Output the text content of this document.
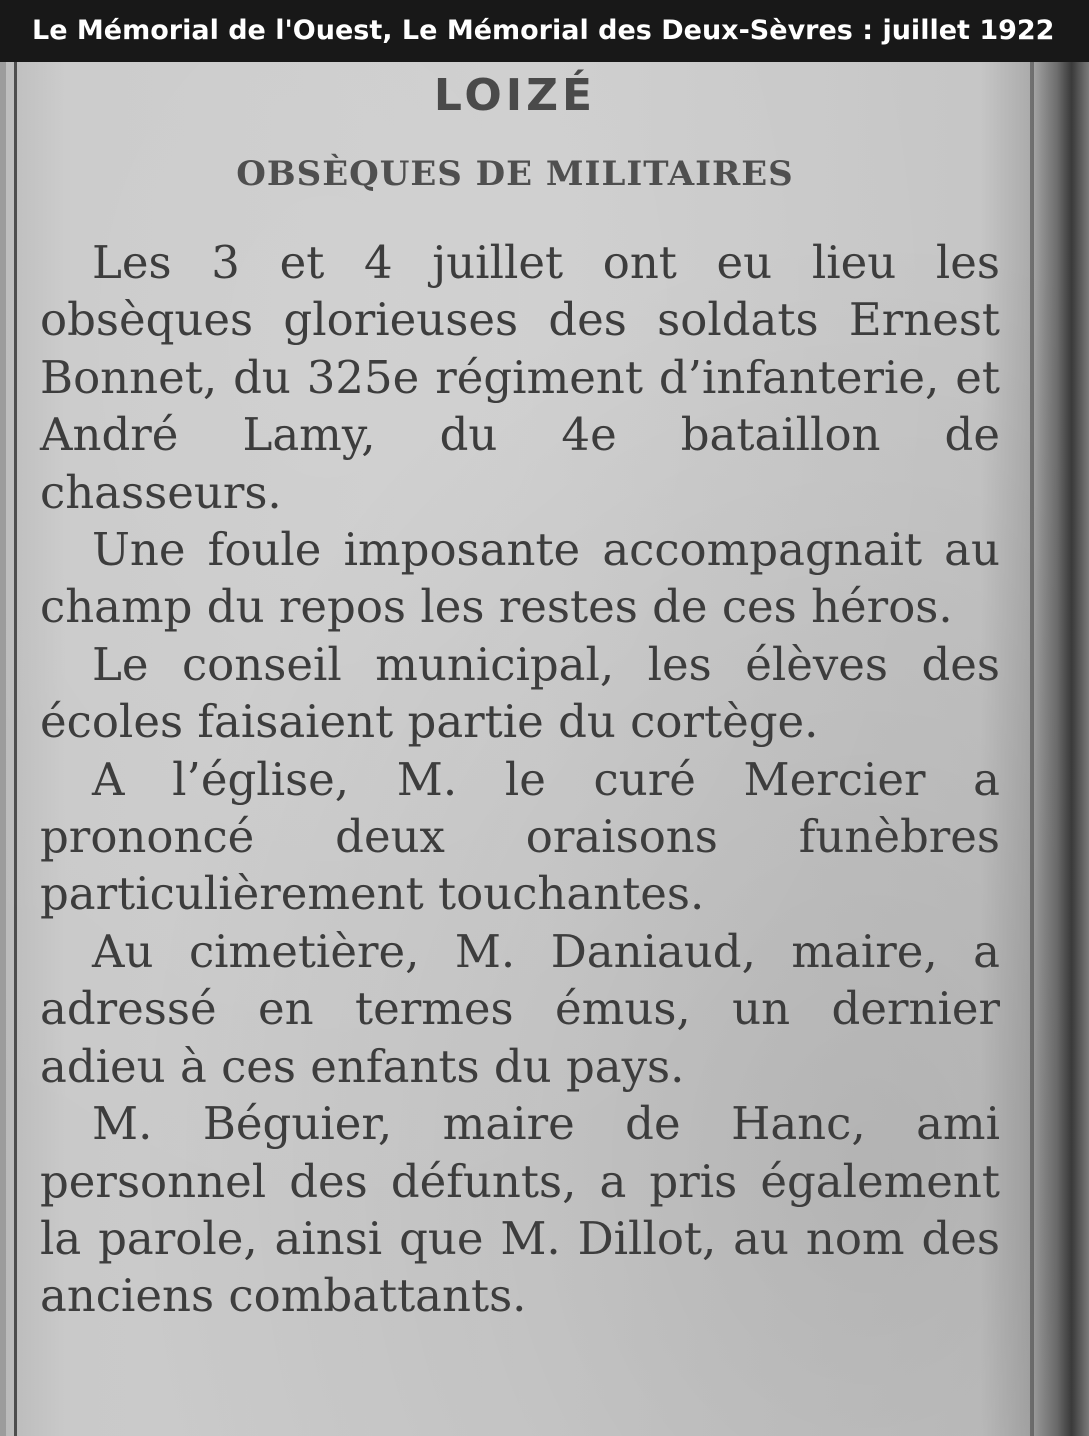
Le Mémorial de l'Ouest, Le Mémorial des Deux-Sèvres : juillet 1922
LOIZÉ
OBSÈQUES DE MILITAIRES

Les 3 et 4 juillet ont eu lieu les obsèques glorieuses des soldats Ernest Bonnet, du 325e régiment d’infanterie, et André Lamy, du 4e bataillon de chasseurs.

Une foule imposante accompagnait au champ du repos les restes de ces héros.

Le conseil municipal, les élèves des écoles faisaient partie du cortège.

A l’église, M. le curé Mercier a prononcé deux oraisons funèbres particulièrement touchantes.

Au cimetière, M. Daniaud, maire, a adressé en termes émus, un dernier adieu à ces enfants du pays.

M. Béguier, maire de Hanc, ami personnel des défunts, a pris également la parole, ainsi que M. Dillot, au nom des anciens combattants.
